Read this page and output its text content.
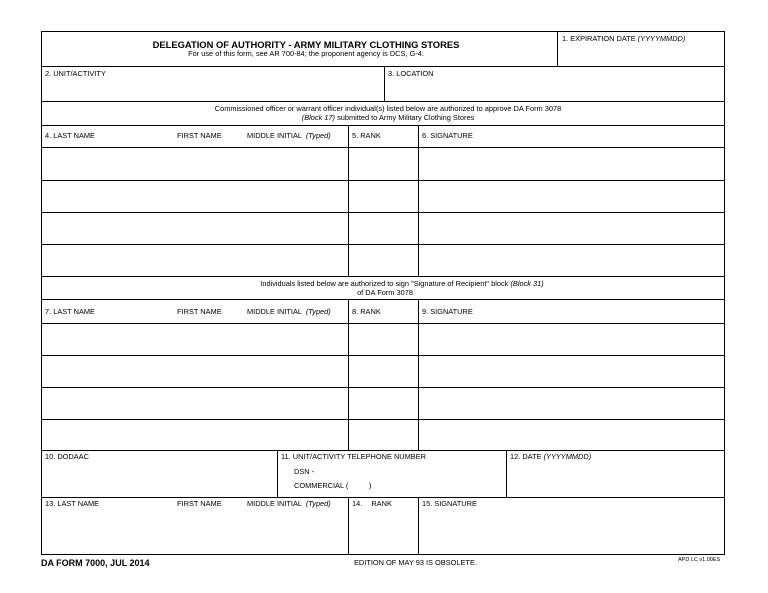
DELEGATION OF AUTHORITY - ARMY MILITARY CLOTHING STORES
For use of this form, see AR 700-84; the proponent agency is DCS, G-4.
1. EXPIRATION DATE (YYYYMMDD)
2. UNIT/ACTIVITY	3. LOCATION
Commissioned officer or warrant officer individual(s) listed below are authorized to approve DA Form 3078
(Block 17) submitted to Army Military Clothing Stores
4. LAST NAME	FIRST NAME	MIDDLE INITIAL (Typed)	5. RANK	6. SIGNATURE
Individuals listed below are authorized to sign "Signature of Recipient" block (Block 31)
of DA Form 3078
7. LAST NAME	FIRST NAME	MIDDLE INITIAL (Typed)	8. RANK	9. SIGNATURE
10. DODAAC	11. UNIT/ACTIVITY TELEPHONE NUMBER
DSN -
COMMERCIAL (          )
12. DATE (YYYYMMDD)
13. LAST NAME	FIRST NAME	MIDDLE INITIAL (Typed)	14. RANK	15. SIGNATURE
DA FORM 7000, JUL 2014	EDITION OF MAY 93 IS OBSOLETE.	APD LC v1.00ES
